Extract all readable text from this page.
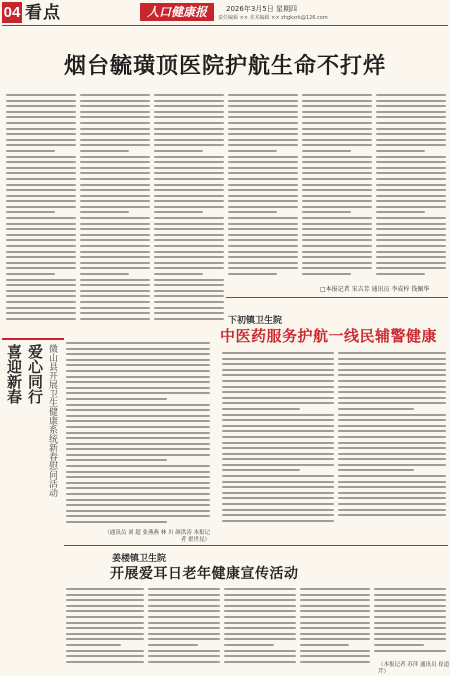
04 看点	人口健康报	2026年3月5日 星期四
责任编辑 ×× 美术编辑 ×× zhgkxrk@126.com
烟台毓璜顶医院护航生命不打烊
□本报记者 宋吉芳 通讯员 李成梓 钱佩华
喜迎新春 爱心同行 微山县开展卫生健康系统新春慰问活动
（通讯员 刘 超 张燕燕 林 川 颜洪涛 本报记者 翟世昆）
下初镇卫生院
中医药服务护航一线民辅警健康
姜楼镇卫生院
开展爱耳日老年健康宣传活动
（本报记者 苏萍 通讯员 崔道芹）
